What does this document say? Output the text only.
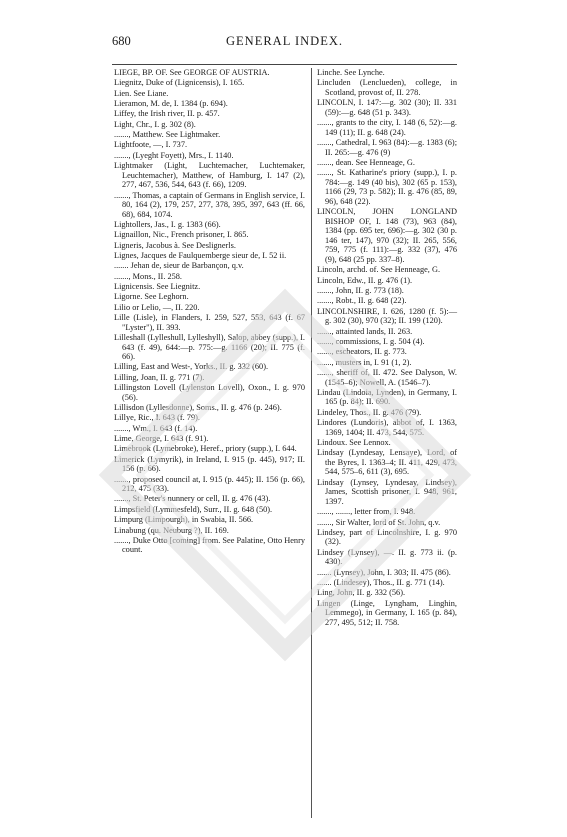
680	GENERAL INDEX.

LIEGE, BP. OF. See GEORGE OF AUSTRIA.

Liegnitz, Duke of (Lignicensis), I. 165.

Lien. See Liane.

Lieramon, M. de, I. 1384 (p. 694).

Liffey, the Irish river, II. p. 457.

Light, Chr., I. g. 302 (8).

......., Matthew. See Lightmaker.

Lightfoote, —, I. 737.

......., (Lyeght Foyett), Mrs., I. 1140.

Lightmaker (Light, Luchtemacher, Luchtemaker, Leuchtemacher), Matthew, of Hamburg, I. 147 (2), 277, 467, 536, 544, 643 (f. 66), 1209.

......., Thomas, a captain of Germans in English service, I. 80, 164 (2), 179, 257, 277, 378, 395, 397, 643 (ff. 66, 68), 684, 1074.

Lightollers, Jas., I. g. 1383 (66).

Lignaillon, Nic., French prisoner, I. 865.

Ligneris, Jacobus à. See Deslignerls.

Lignes, Jacques de Faulquemberge sieur de, I. 52 ii.

....... Jehan de, sieur de Barbançon, q.v.

......., Mons., II. 258.

Lignicensis. See Liegnitz.

Ligorne. See Leghorn.

Lilio or Lelio, —, II. 220.

Lille (Lisle), in Flanders, I. 259, 527, 553, 643 (f. 67 "Lyster"), II. 393.

Lilleshall (Lylleshull, Lylleshyll), Salop, abbey (supp.), I. 643 (f. 49), 644:—p. 775:—g. 1166 (20); II. 775 (f. 66).

Lilling, East and West-, Yorks., II. g. 332 (60).

Lilling, Joan, II. g. 771 (7).

Lillingston Lovell (Lylenston Lovell), Oxon., I. g. 970 (56).

Lillisdon (Lyllesdonne), Soms., II. g. 476 (p. 246).

Lillye, Ric., I. 643 (f. 79).

......., Wm., I. 643 (f. 14).

Lime, George, I. 643 (f. 91).

Limebrook (Lymebroke), Heref., priory (supp.), I. 644.

Limerick (Lymyrik), in Ireland, I. 915 (p. 445), 917; II. 156 (p. 66).

......., proposed council at, I. 915 (p. 445); II. 156 (p. 66), 212, 475 (33).

......., St. Peter's nunnery or cell, II. g. 476 (43).

Limpsfield (Lymmesfeld), Surr., II. g. 648 (50).

Limpurg (Limpourgh), in Swabia, II. 566.

Linabung (qu. Neuburg ?), II. 169.

......., Duke Otto [coming] from. See Palatine, Otto Henry count.

Linche. See Lynche.

Lincluden (Lenclueden), college, in Scotland, provost of, II. 278.

LINCOLN, I. 147:—g. 302 (30); II. 331 (59):—g. 648 (51 p. 343).

......., grants to the city, I. 148 (6, 52):—g. 149 (11); II. g. 648 (24).

......., Cathedral, I. 963 (84):—g. 1383 (6); II. 265:—g. 476 (9)

......., dean. See Henneage, G.

......., St. Katharine's priory (supp.), I. p. 784:—g. 149 (40 bis), 302 (65 p. 153), 1166 (29, 73 p. 582); II. g. 476 (85, 89, 96), 648 (22).

LINCOLN, JOHN LONGLAND BISHOP OF, I. 148 (73), 963 (84), 1384 (pp. 695 ter, 696):—g. 302 (30 p. 146 ter, 147), 970 (32); II. 265, 556, 759, 775 (f. 111):—g. 332 (37), 476 (9), 648 (25 pp. 337–8).

Lincoln, archd. of. See Henneage, G.

Lincoln, Edw., II. g. 476 (1).

......., John, II. g. 773 (18).

......., Robt., II. g. 648 (22).

LINCOLNSHIRE, I. 626, 1280 (f. 5):—g. 302 (30), 970 (32); II. 199 (120).

......., attainted lands, II. 263.

......., commissions, I. g. 504 (4).

......., escheators, II. g. 773.

......., musters in, I. 91 (1, 2).

......., sheriff of, II. 472. See Dalyson, W. (1545–6); Nowell, A. (1546–7).

Lindau (Lindoia, Lynden), in Germany, I. 165 (p. 84); II. 690.

Lindeley, Thos., II. g. 476 (79).

Lindores (Lundoris), abbot of, I. 1363, 1369, 1404; II. 473, 544, 575.

Lindoux. See Lennox.

Lindsay (Lyndesay, Lensaye), Lord, of the Byres, I. 1363–4; II. 411, 429, 473, 544, 575–6, 611 (3), 695.

Lindsay (Lynsey, Lyndesay, Lindsey), James, Scottish prisoner, I. 948, 961, 1397.

......., ......., letter from, I. 948.

......., Sir Walter, lord of St. John, q.v.

Lindsey, part of Lincolnshire, I. g. 970 (32).

Lindsey (Lynsey), —. II. g. 773 ii. (p. 430).

....... (Lynsey), John, I. 303; II. 475 (86).

....... (Lindesey), Thos., II. g. 771 (14).

Ling, John, II. g. 332 (56).

Lingen (Linge, Lyngham, Linghin, Lemmego), in Germany, I. 165 (p. 84), 277, 495, 512; II. 758.
